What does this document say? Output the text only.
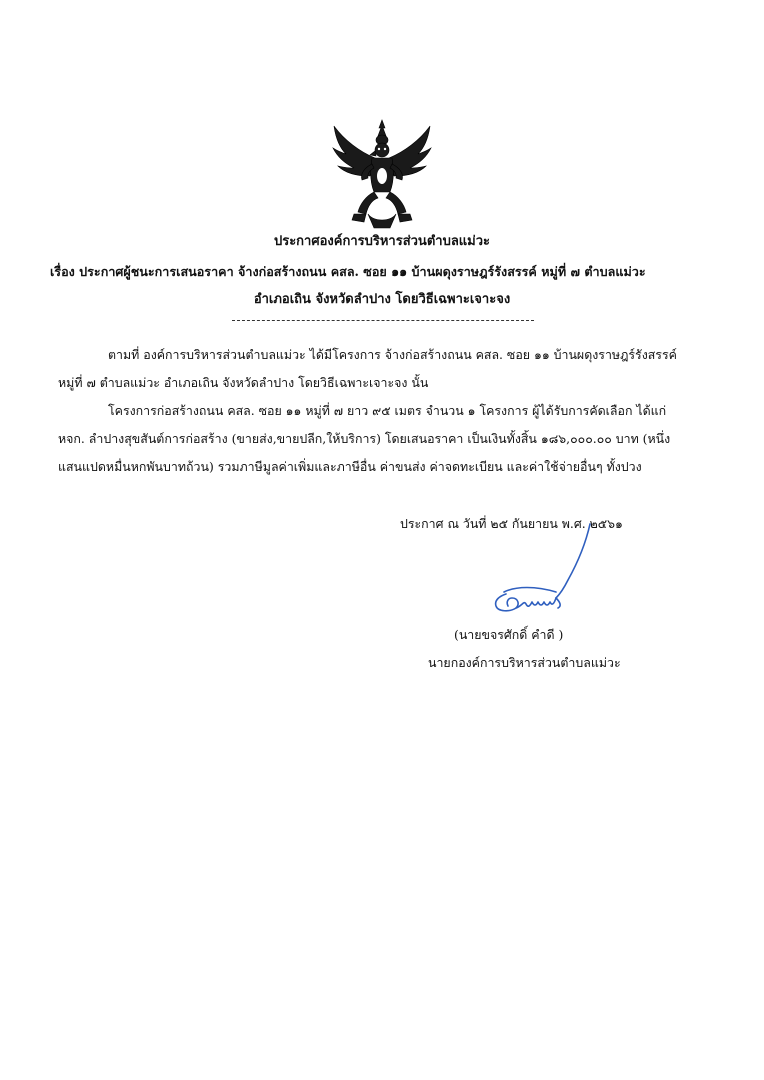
ประกาศองค์การบริหารส่วนตำบลแม่วะ
เรื่อง ประกาศผู้ชนะการเสนอราคา จ้างก่อสร้างถนน คสล. ซอย ๑๑ บ้านผดุงราษฎร์รังสรรค์ หมู่ที่ ๗ ตำบลแม่วะ
อำเภอเถิน จังหวัดลำปาง โดยวิธีเฉพาะเจาะจง
ตามที่ องค์การบริหารส่วนตำบลแม่วะ ได้มีโครงการ จ้างก่อสร้างถนน คสล. ซอย ๑๑ บ้านผดุงราษฎร์รังสรรค์
หมู่ที่ ๗ ตำบลแม่วะ อำเภอเถิน จังหวัดลำปาง โดยวิธีเฉพาะเจาะจง นั้น
โครงการก่อสร้างถนน คสล. ซอย ๑๑ หมู่ที่ ๗ ยาว ๙๕ เมตร จำนวน ๑ โครงการ ผู้ได้รับการคัดเลือก ได้แก่
หจก. ลำปางสุขสันต์การก่อสร้าง (ขายส่ง,ขายปลีก,ให้บริการ) โดยเสนอราคา เป็นเงินทั้งสิ้น ๑๘๖,๐๐๐.๐๐ บาท (หนึ่ง
แสนแปดหมื่นหกพันบาทถ้วน) รวมภาษีมูลค่าเพิ่มและภาษีอื่น ค่าขนส่ง ค่าจดทะเบียน และค่าใช้จ่ายอื่นๆ ทั้งปวง
ประกาศ ณ วันที่ ๒๕ กันยายน พ.ศ. ๒๕๖๑
(นายขจรศักดิ์ คำดี )
นายกองค์การบริหารส่วนตำบลแม่วะ
